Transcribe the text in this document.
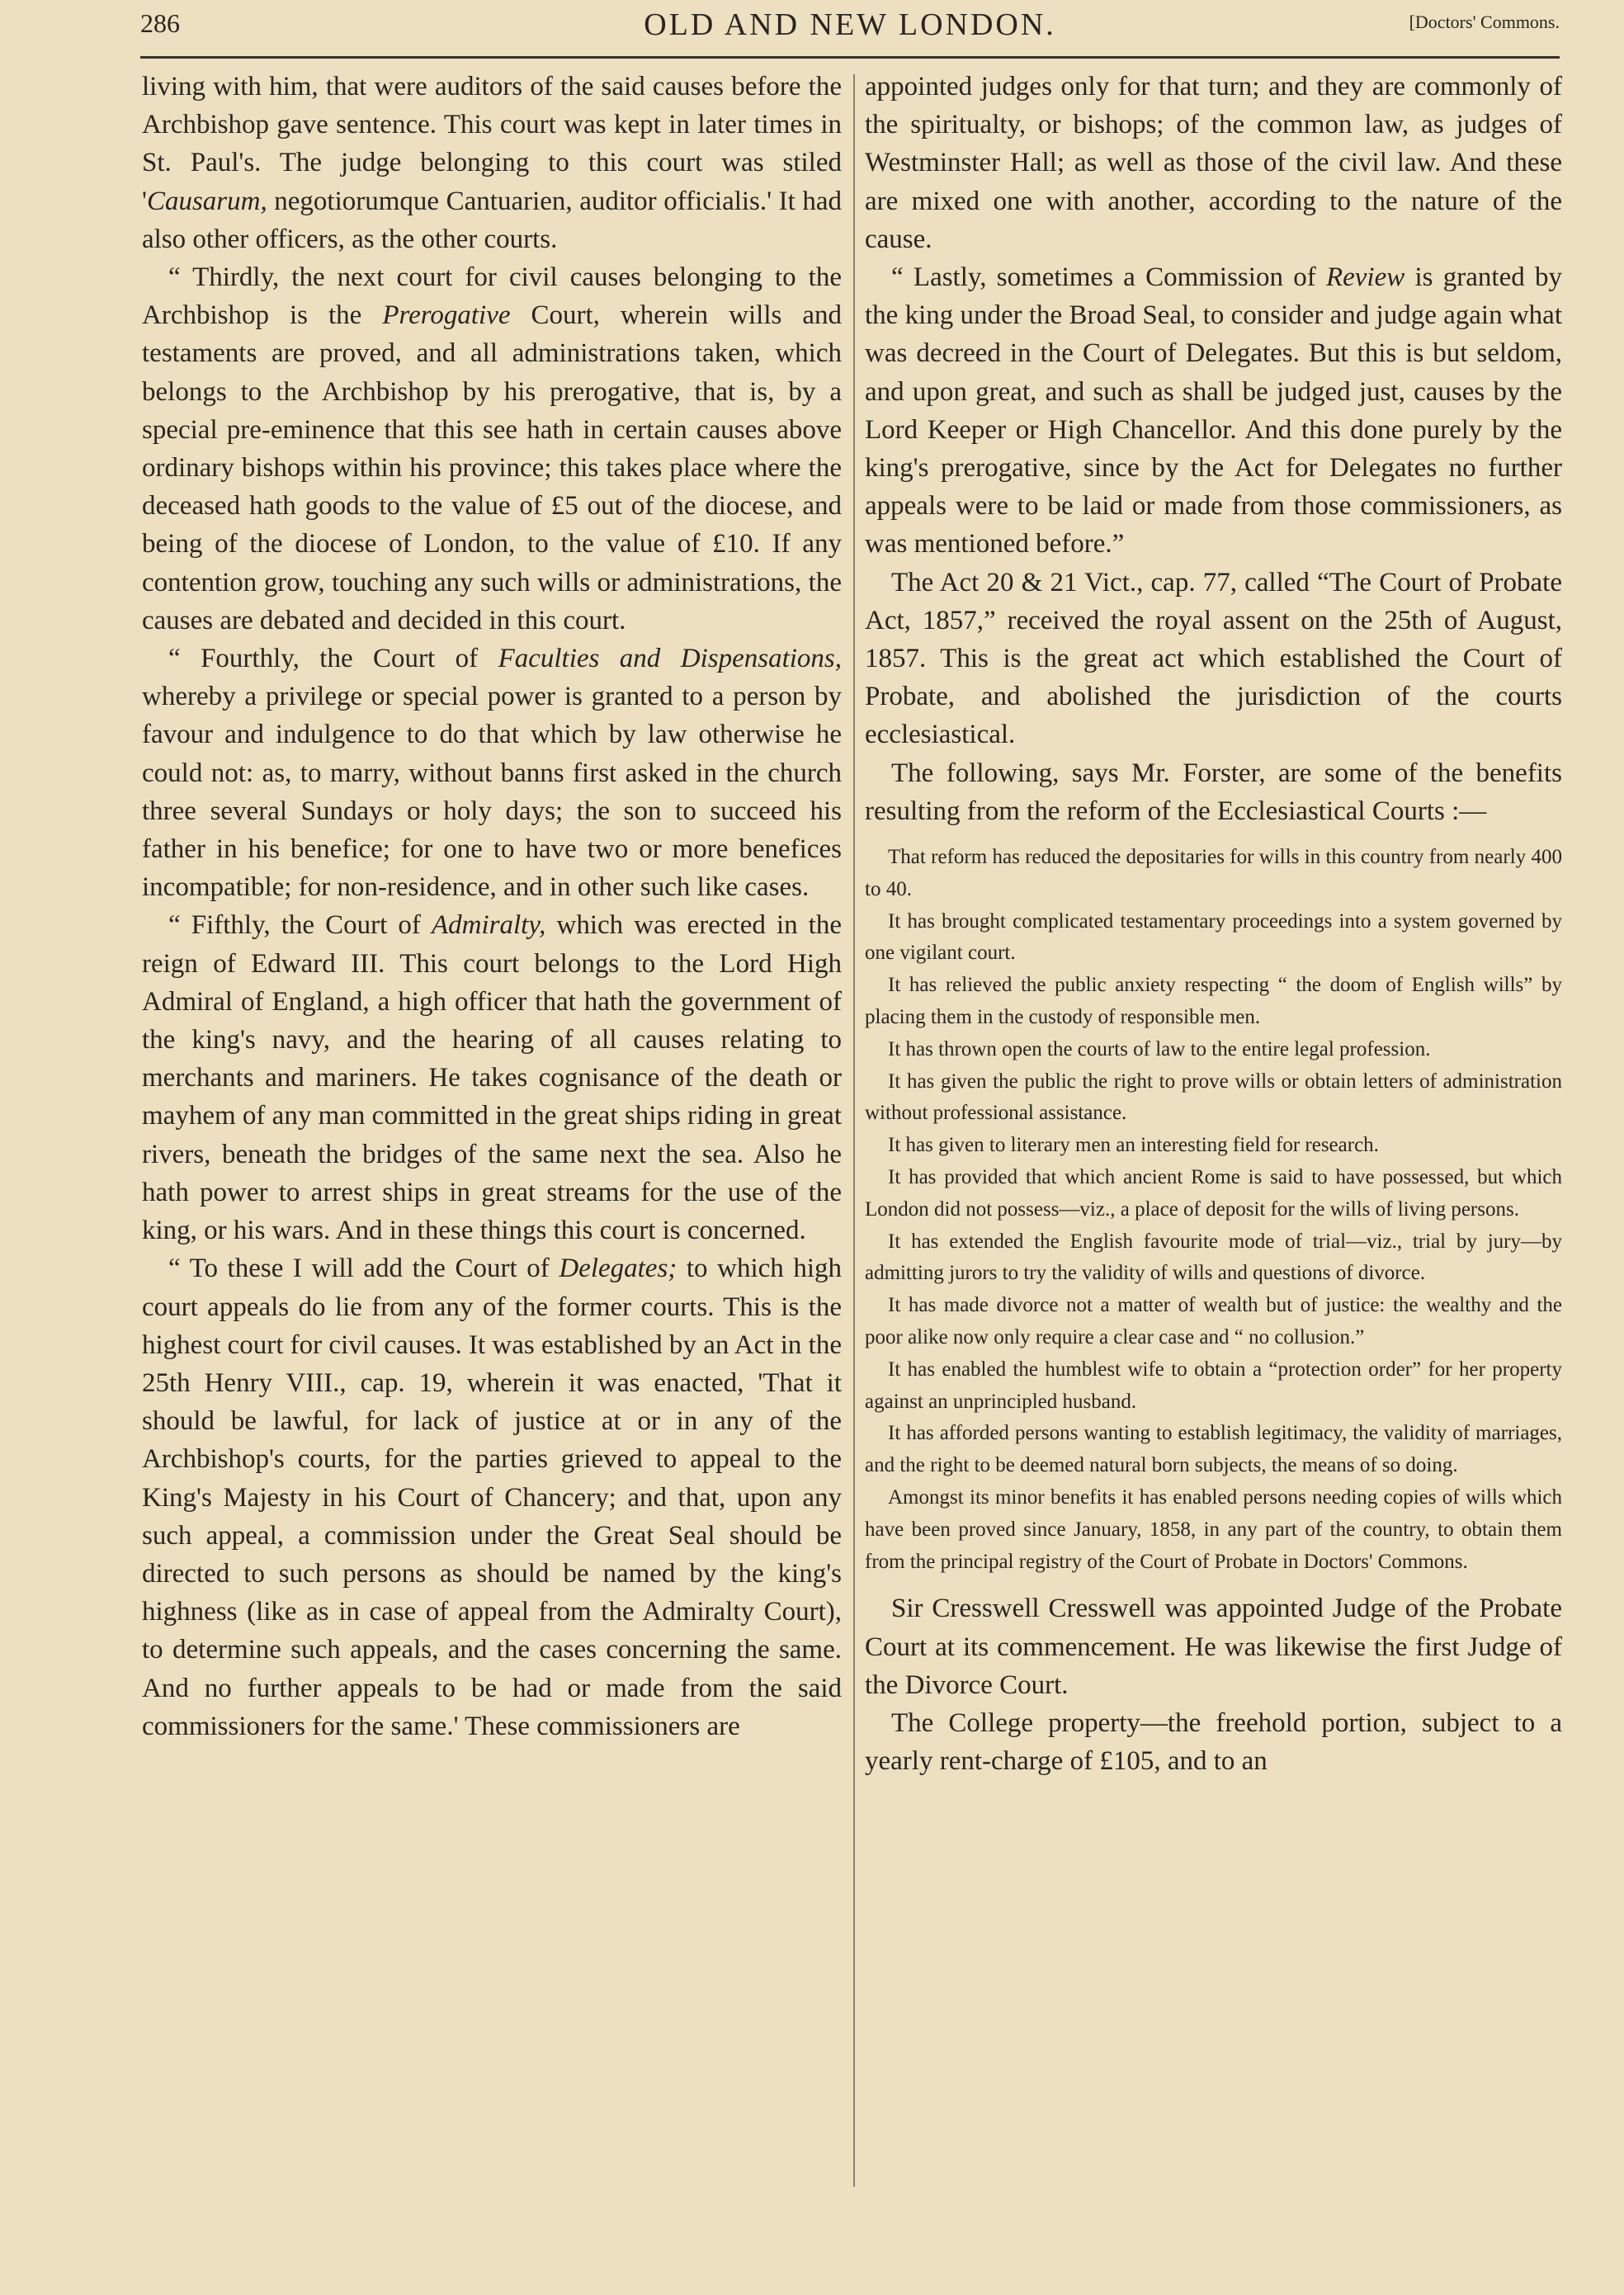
286	OLD AND NEW LONDON.	[Doctors' Commons.

living with him, that were auditors of the said causes before the Archbishop gave sentence. This court was kept in later times in St. Paul's. The judge belonging to this court was stiled 'Causarum, negotiorumque Cantuarien, auditor officialis.' It had also other officers, as the other courts.

“ Thirdly, the next court for civil causes belonging to the Archbishop is the Prerogative Court, wherein wills and testaments are proved, and all administrations taken, which belongs to the Archbishop by his prerogative, that is, by a special pre-eminence that this see hath in certain causes above ordinary bishops within his province; this takes place where the deceased hath goods to the value of £5 out of the diocese, and being of the diocese of London, to the value of £10. If any contention grow, touching any such wills or administrations, the causes are debated and decided in this court.

“ Fourthly, the Court of Faculties and Dispensations, whereby a privilege or special power is granted to a person by favour and indulgence to do that which by law otherwise he could not: as, to marry, without banns first asked in the church three several Sundays or holy days; the son to succeed his father in his benefice; for one to have two or more benefices incompatible; for non-residence, and in other such like cases.

“ Fifthly, the Court of Admiralty, which was erected in the reign of Edward III. This court belongs to the Lord High Admiral of England, a high officer that hath the government of the king's navy, and the hearing of all causes relating to merchants and mariners. He takes cognisance of the death or mayhem of any man committed in the great ships riding in great rivers, beneath the bridges of the same next the sea. Also he hath power to arrest ships in great streams for the use of the king, or his wars. And in these things this court is concerned.

“ To these I will add the Court of Delegates; to which high court appeals do lie from any of the former courts. This is the highest court for civil causes. It was established by an Act in the 25th Henry VIII., cap. 19, wherein it was enacted, 'That it should be lawful, for lack of justice at or in any of the Archbishop's courts, for the parties grieved to appeal to the King's Majesty in his Court of Chancery; and that, upon any such appeal, a commission under the Great Seal should be directed to such persons as should be named by the king's highness (like as in case of appeal from the Admiralty Court), to determine such appeals, and the cases concerning the same. And no further appeals to be had or made from the said commissioners for the same.' These commissioners are

appointed judges only for that turn; and they are commonly of the spiritualty, or bishops; of the common law, as judges of Westminster Hall; as well as those of the civil law. And these are mixed one with another, according to the nature of the cause.

“ Lastly, sometimes a Commission of Review is granted by the king under the Broad Seal, to consider and judge again what was decreed in the Court of Delegates. But this is but seldom, and upon great, and such as shall be judged just, causes by the Lord Keeper or High Chancellor. And this done purely by the king's prerogative, since by the Act for Delegates no further appeals were to be laid or made from those commissioners, as was mentioned before.”

The Act 20 & 21 Vict., cap. 77, called “The Court of Probate Act, 1857,” received the royal assent on the 25th of August, 1857. This is the great act which established the Court of Probate, and abolished the jurisdiction of the courts ecclesiastical.

The following, says Mr. Forster, are some of the benefits resulting from the reform of the Ecclesiastical Courts :—

That reform has reduced the depositaries for wills in this country from nearly 400 to 40.

It has brought complicated testamentary proceedings into a system governed by one vigilant court.

It has relieved the public anxiety respecting “ the doom of English wills” by placing them in the custody of responsible men.

It has thrown open the courts of law to the entire legal profession.

It has given the public the right to prove wills or obtain letters of administration without professional assistance.

It has given to literary men an interesting field for research.

It has provided that which ancient Rome is said to have possessed, but which London did not possess—viz., a place of deposit for the wills of living persons.

It has extended the English favourite mode of trial—viz., trial by jury—by admitting jurors to try the validity of wills and questions of divorce.

It has made divorce not a matter of wealth but of justice: the wealthy and the poor alike now only require a clear case and “ no collusion.”

It has enabled the humblest wife to obtain a “protection order” for her property against an unprincipled husband.

It has afforded persons wanting to establish legitimacy, the validity of marriages, and the right to be deemed natural born subjects, the means of so doing.

Amongst its minor benefits it has enabled persons needing copies of wills which have been proved since January, 1858, in any part of the country, to obtain them from the principal registry of the Court of Probate in Doctors' Commons.

Sir Cresswell Cresswell was appointed Judge of the Probate Court at its commencement. He was likewise the first Judge of the Divorce Court.

The College property—the freehold portion, subject to a yearly rent-charge of £105, and to an
